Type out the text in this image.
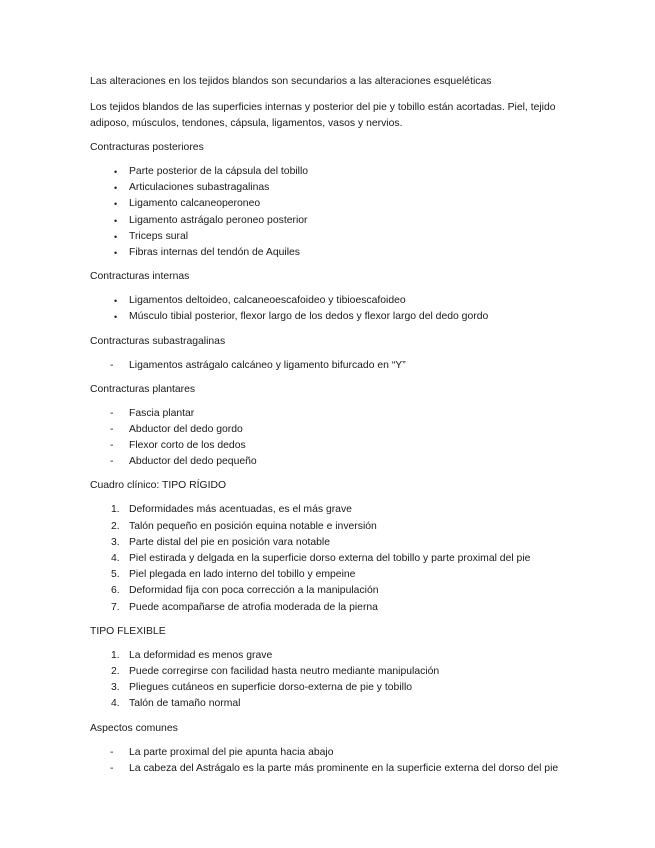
Las alteraciones en los tejidos blandos son secundarios a las alteraciones esqueléticas

Los tejidos blandos de las superficies internas y posterior del pie y tobillo están acortadas. Piel, tejido adiposo, músculos, tendones, cápsula, ligamentos, vasos y nervios.

Contracturas posteriores

• Parte posterior de la cápsula del tobillo
• Articulaciones subastragalinas
• Ligamento calcaneoperoneo
• Ligamento astrágalo peroneo posterior
• Triceps sural
• Fibras internas del tendón de Aquiles

Contracturas internas

• Ligamentos deltoideo, calcaneoescafoideo y tibioescafoideo
• Músculo tibial posterior, flexor largo de los dedos y flexor largo del dedo gordo

Contracturas subastragalinas

- Ligamentos astrágalo calcáneo y ligamento bifurcado en “Y”

Contracturas plantares

- Fascia plantar
- Abductor del dedo gordo
- Flexor corto de los dedos
- Abductor del dedo pequeño

Cuadro clínico: TIPO RÍGIDO

1. Deformidades más acentuadas, es el más grave
2. Talón pequeño en posición equina notable e inversión
3. Parte distal del pie en posición vara notable
4. Piel estirada y delgada en la superficie dorso externa del tobillo y parte proximal del pie
5. Piel plegada en lado interno del tobillo y empeine
6. Deformidad fija con poca corrección a la manipulación
7. Puede acompañarse de atrofia moderada de la pierna

TIPO FLEXIBLE

1. La deformidad es menos grave
2. Puede corregirse con facilidad hasta neutro mediante manipulación
3. Pliegues cutáneos en superficie dorso-externa de pie y tobillo
4. Talón de tamaño normal

Aspectos comunes

- La parte proximal del pie apunta hacia abajo
- La cabeza del Astrágalo es la parte más prominente en la superficie externa del dorso del pie
